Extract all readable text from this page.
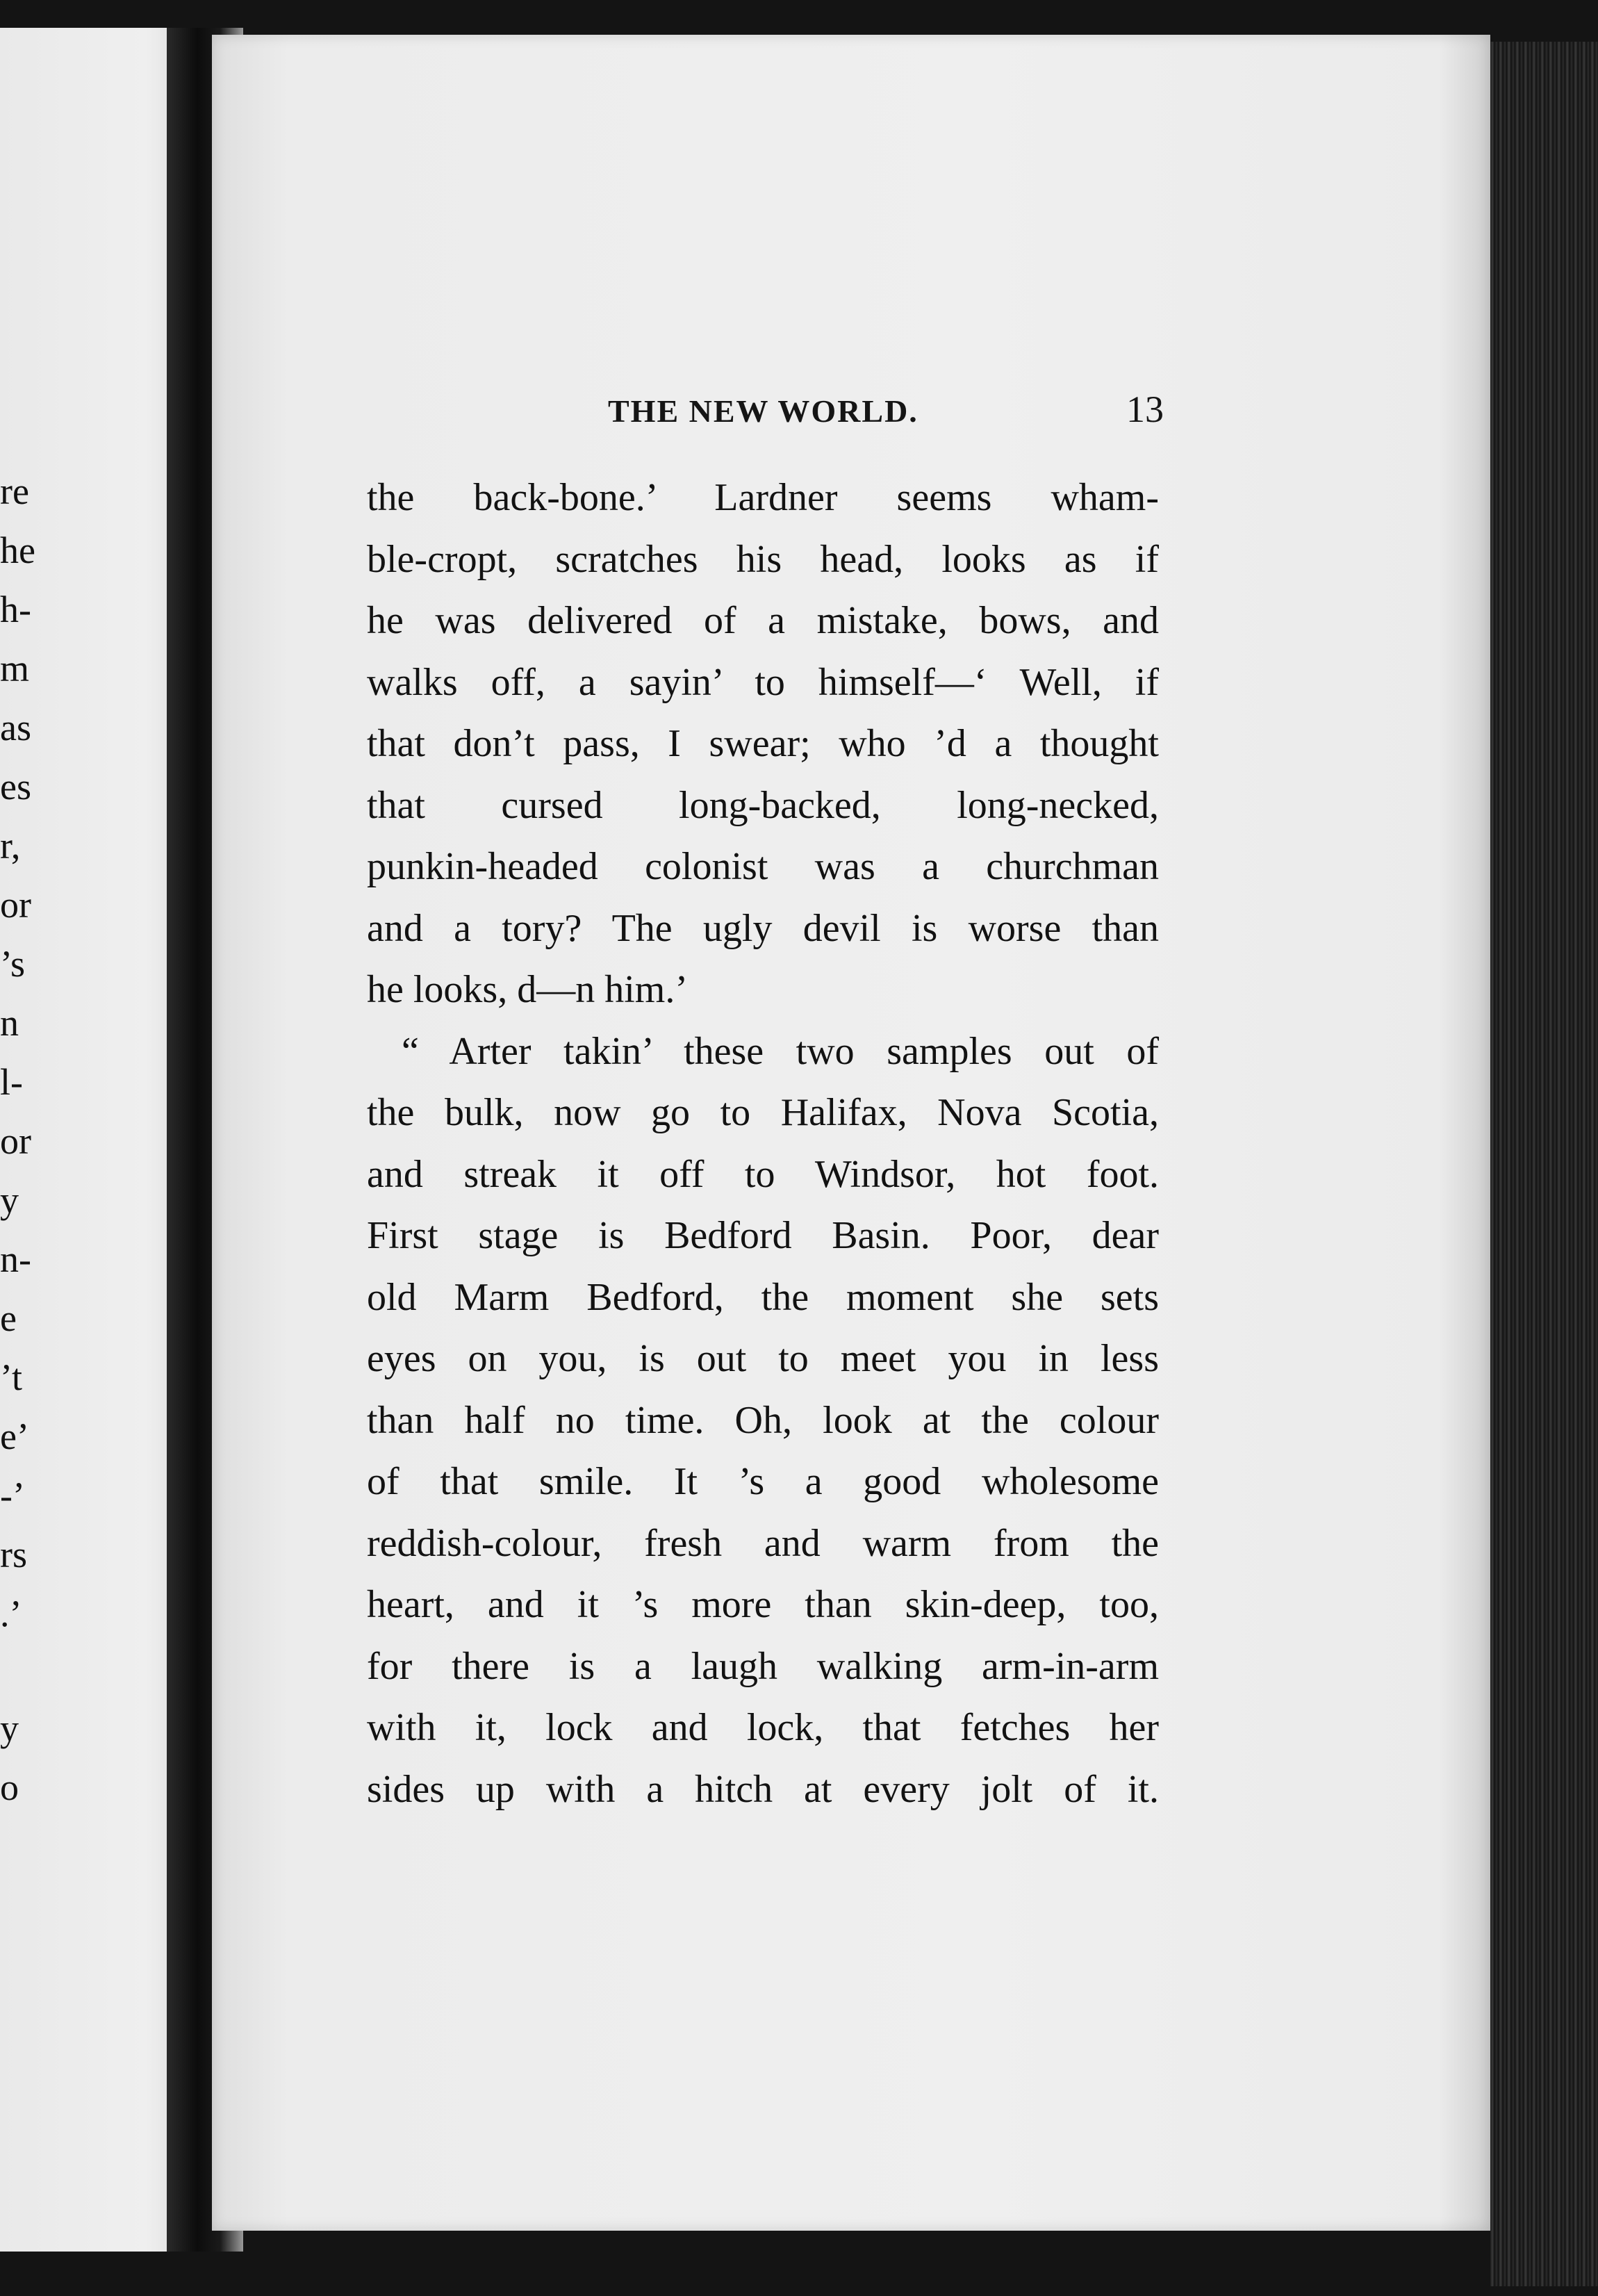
re
he
h-
m
as
es
r,
or
’s
n
l-
or
y
n-
e
’t
e’
-’
rs
.’
y
o
THE NEW WORLD.	13
the back-bone.’ Lardner seems wham-
ble-cropt, scratches his head, looks as if
he was delivered of a mistake, bows, and
walks off, a sayin’ to himself—‘ Well, if
that don’t pass, I swear; who ’d a thought
that cursed long-backed, long-necked,
punkin-headed colonist was a churchman
and a tory? The ugly devil is worse than
he looks, d—n him.’
“ Arter takin’ these two samples out of
the bulk, now go to Halifax, Nova Scotia,
and streak it off to Windsor, hot foot.
First stage is Bedford Basin. Poor, dear
old Marm Bedford, the moment she sets
eyes on you, is out to meet you in less
than half no time. Oh, look at the colour
of that smile. It ’s a good wholesome
reddish-colour, fresh and warm from the
heart, and it ’s more than skin-deep, too,
for there is a laugh walking arm-in-arm
with it, lock and lock, that fetches her
sides up with a hitch at every jolt of it.
